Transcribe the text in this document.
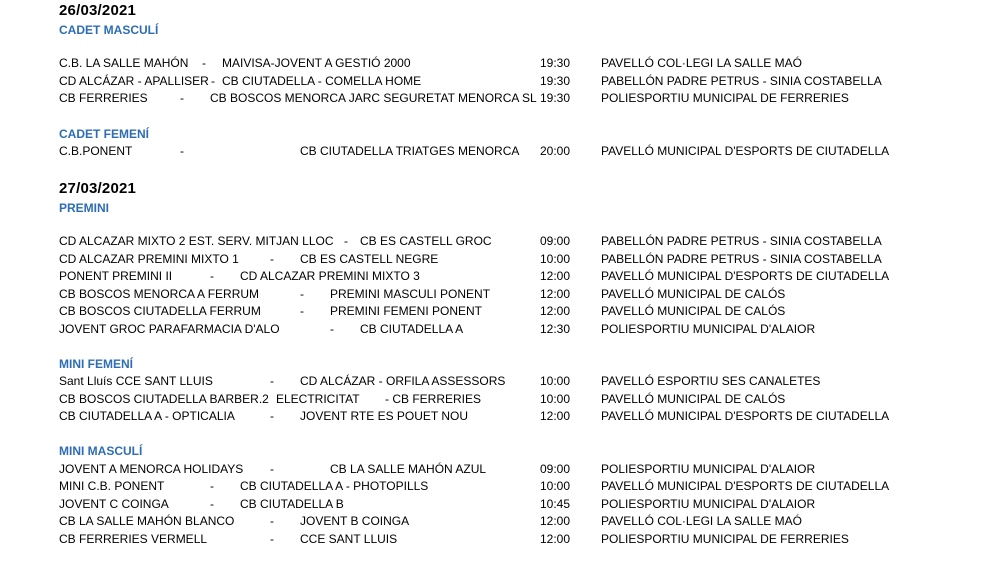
26/03/2021
CADET MASCULÍ
C.B. LA SALLE MAHÓN - MAIVISA-JOVENT A GESTIÓ 2000	19:30	PAVELLÓ COL·LEGI LA SALLE MAÓ
CD ALCÁZAR - APALLISER - CB CIUTADELLA - COMELLA HOME	19:30	PABELLÓN PADRE PETRUS - SINIA COSTABELLA
CB FERRERIES	- CB BOSCOS MENORCA JARC SEGURETAT MENORCA SL 19:30	POLIESPORTIU MUNICIPAL DE FERRERIES
CADET FEMENÍ
C.B.PONENT	-	CB CIUTADELLA TRIATGES MENORCA 20:00	PAVELLÓ MUNICIPAL D'ESPORTS DE CIUTADELLA
27/03/2021
PREMINI
CD ALCAZAR MIXTO 2 EST. SERV. MITJAN LLOC - CB ES CASTELL GROC	09:00	PABELLÓN PADRE PETRUS - SINIA COSTABELLA
CD ALCAZAR PREMINI MIXTO 1	- CB ES CASTELL NEGRE	10:00	PABELLÓN PADRE PETRUS - SINIA COSTABELLA
PONENT PREMINI II	- CD ALCAZAR PREMINI MIXTO 3	12:00	PAVELLÓ MUNICIPAL D'ESPORTS DE CIUTADELLA
CB BOSCOS MENORCA A FERRUM	- PREMINI MASCULI PONENT	12:00	PAVELLÓ MUNICIPAL DE CALÓS
CB BOSCOS CIUTADELLA FERRUM	- PREMINI FEMENI PONENT	12:00	PAVELLÓ MUNICIPAL DE CALÓS
JOVENT GROC PARAFARMACIA D'ALO	- CB CIUTADELLA A	12:30	POLIESPORTIU MUNICIPAL D'ALAIOR
MINI FEMENÍ
Sant Lluís CCE SANT LLUIS	- CD ALCÁZAR - ORFILA ASSESSORS	10:00	PAVELLÓ ESPORTIU SES CANALETES
CB BOSCOS CIUTADELLA BARBER.2 ELECTRICITAT - CB FERRERIES	10:00	PAVELLÓ MUNICIPAL DE CALÓS
CB CIUTADELLA A - OPTICALIA	- JOVENT RTE ES POUET NOU	12:00	PAVELLÓ MUNICIPAL D'ESPORTS DE CIUTADELLA
MINI MASCULÍ
JOVENT A MENORCA HOLIDAYS -	CB LA SALLE MAHÓN AZUL	09:00	POLIESPORTIU MUNICIPAL D'ALAIOR
MINI C.B. PONENT	- CB CIUTADELLA A - PHOTOPILLS	10:00	PAVELLÓ MUNICIPAL D'ESPORTS DE CIUTADELLA
JOVENT C COINGA	- CB CIUTADELLA B	10:45	POLIESPORTIU MUNICIPAL D'ALAIOR
CB LA SALLE MAHÓN BLANCO	- JOVENT B COINGA	12:00	PAVELLÓ COL·LEGI LA SALLE MAÓ
CB FERRERIES VERMELL	- CCE SANT LLUIS	12:00	POLIESPORTIU MUNICIPAL DE FERRERIES
